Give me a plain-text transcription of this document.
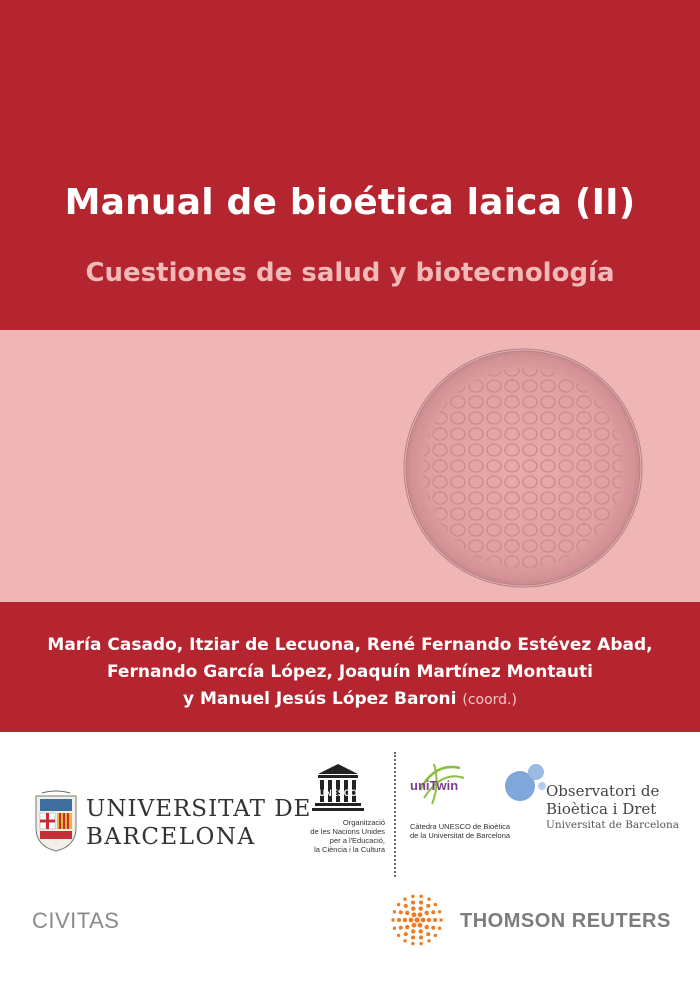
Manual de bioética laica (II)
Cuestiones de salud y biotecnología
María Casado, Itziar de Lecuona, René Fernando Estévez Abad,
Fernando García López, Joaquín Martínez Montauti
y Manuel Jesús López Baroni (coord.)
UNIVERSITAT DE
BARCELONA
UNESCO
Organització
de les Nacions Unides
per a l'Educació,
la Ciència i la Cultura
uniTwin
Càtedra UNESCO de Bioètica
de la Universitat de Barcelona
Observatori de
Bioètica i Dret
Universitat de Barcelona
CIVITAS	THOMSON REUTERS
